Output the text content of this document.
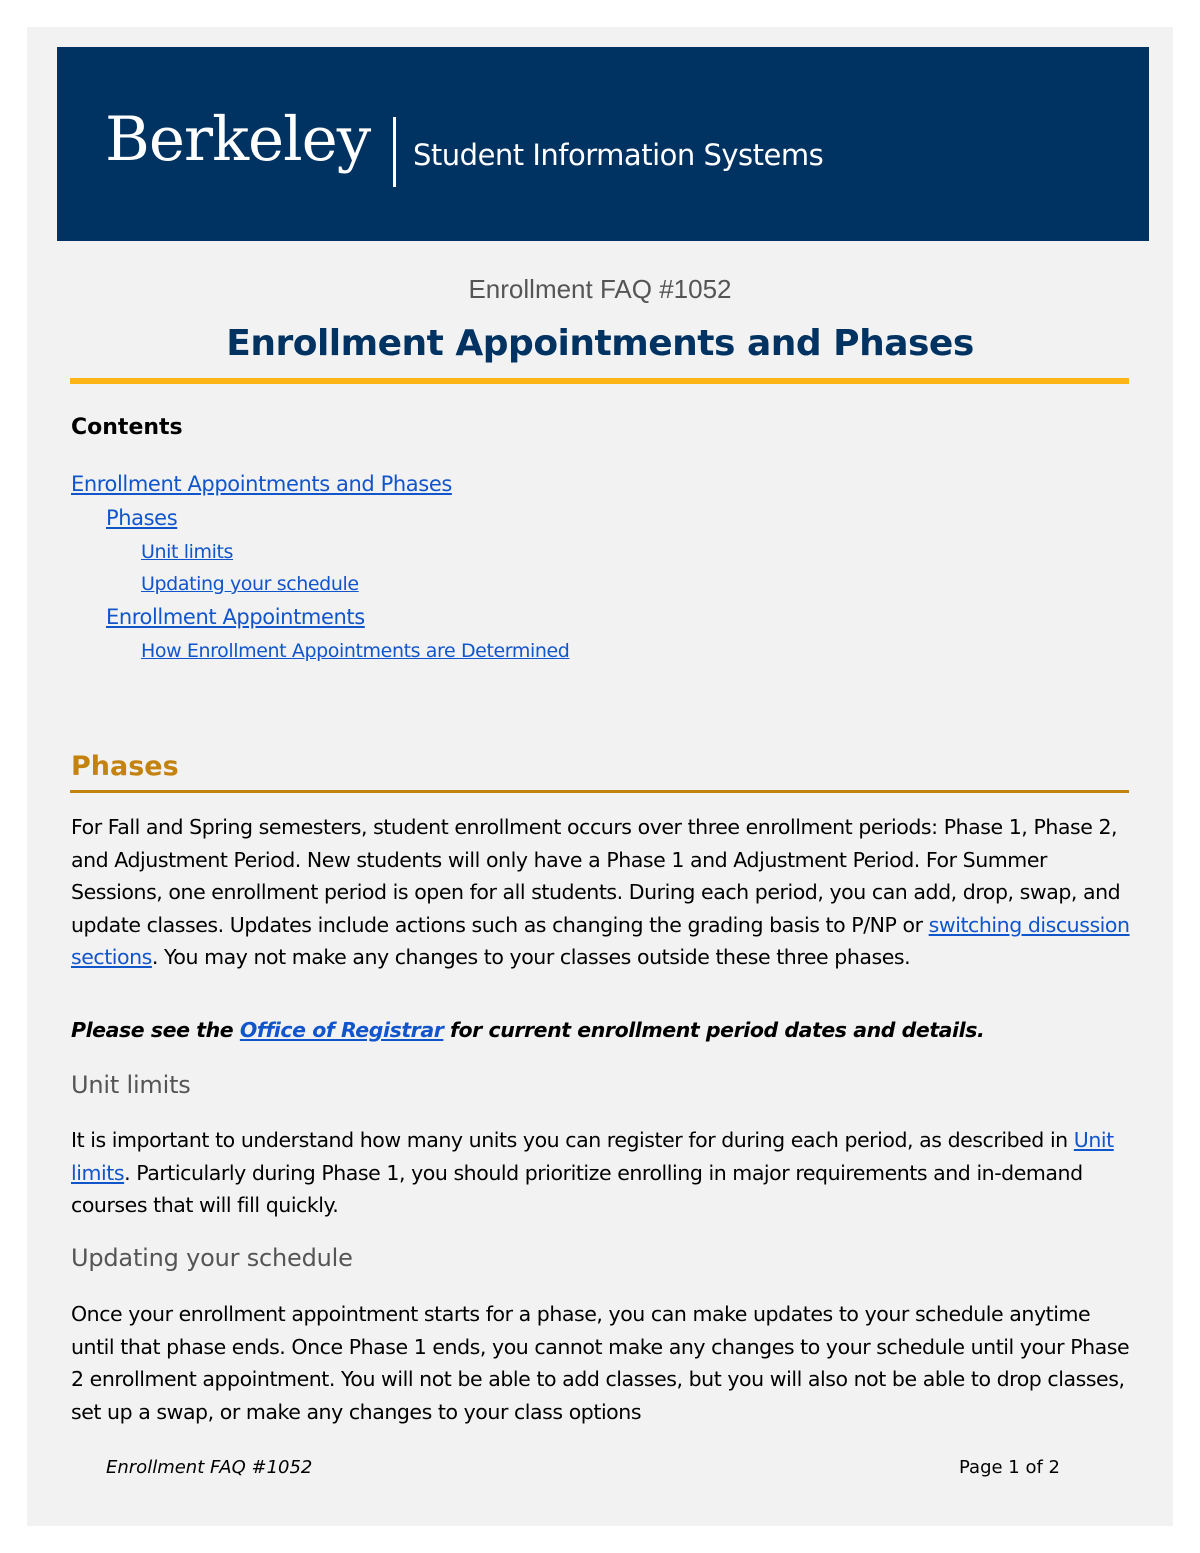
Berkeley Student Information Systems
Enrollment FAQ #1052
Enrollment Appointments and Phases
Contents
Enrollment Appointments and Phases
Phases
Unit limits
Updating your schedule
Enrollment Appointments
How Enrollment Appointments are Determined
Phases

For Fall and Spring semesters, student enrollment occurs over three enrollment periods: Phase 1, Phase 2, and Adjustment Period. New students will only have a Phase 1 and Adjustment Period. For Summer Sessions, one enrollment period is open for all students. During each period, you can add, drop, swap, and update classes. Updates include actions such as changing the grading basis to P/NP or switching discussion sections. You may not make any changes to your classes outside these three phases.

Please see the Office of Registrar for current enrollment period dates and details.

Unit limits

It is important to understand how many units you can register for during each period, as described in Unit limits. Particularly during Phase 1, you should prioritize enrolling in major requirements and in-demand courses that will fill quickly.

Updating your schedule

Once your enrollment appointment starts for a phase, you can make updates to your schedule anytime until that phase ends. Once Phase 1 ends, you cannot make any changes to your schedule until your Phase 2 enrollment appointment. You will not be able to add classes, but you will also not be able to drop classes, set up a swap, or make any changes to your class options

Enrollment FAQ #1052	Page 1 of 2
